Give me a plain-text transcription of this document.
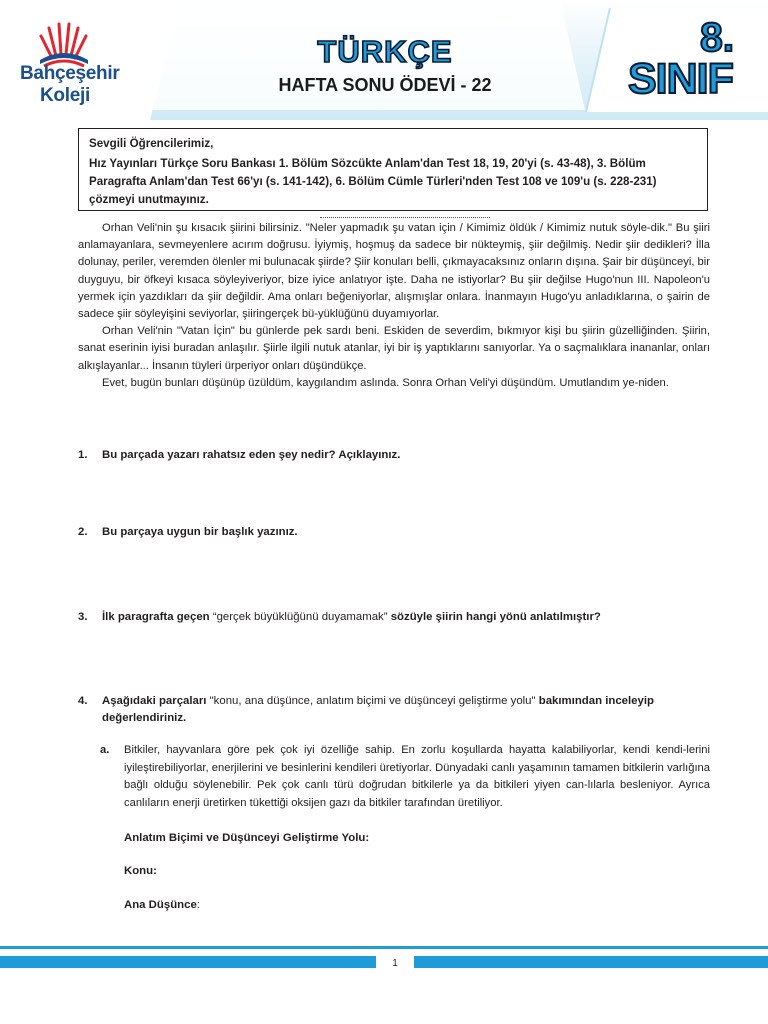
Bahçeşehir
Koleji
TÜRKÇE
HAFTA SONU ÖDEVİ - 22
8.
SINIF
Sevgili Öğrencilerimiz,
Hız Yayınları Türkçe Soru Bankası 1. Bölüm Sözcükte Anlam'dan Test 18, 19, 20'yi (s. 43-48), 3. Bölüm Paragrafta Anlam'dan Test 66'yı (s. 141-142), 6. Bölüm Cümle Türleri'nden Test 108 ve 109'u (s. 228-231) çözmeyi unutmayınız.

Orhan Veli'nin şu kısacık şiirini bilirsiniz. "Neler yapmadık şu vatan için / Kimimiz öldük / Kimimiz nutuk söyle-dik." Bu şiiri anlamayanlara, sevmeyenlere acırım doğrusu. İyiymiş, hoşmuş da sadece bir nükteymiş, şiir değilmiş. Nedir şiir dedikleri? İlla dolunay, periler, veremden ölenler mi bulunacak şiirde? Şiir konuları belli, çıkmayacaksınız onların dışına. Şair bir düşünceyi, bir duyguyu, bir öfkeyi kısaca söyleyiveriyor, bize iyice anlatıyor işte. Daha ne istiyorlar? Bu şiir değilse Hugo'nun III. Napoleon'u yermek için yazdıkları da şiir değildir. Ama onları beğeniyorlar, alışmışlar onlara. İnanmayın Hugo'yu anladıklarına, o şairin de sadece şiir söyleyişini seviyorlar, şiiringerçek bü-yüklüğünü duyamıyorlar.

Orhan Veli'nin "Vatan İçin" bu günlerde pek sardı beni. Eskiden de severdim, bıkmıyor kişi bu şiirin güzelliğinden. Şiirin, sanat eserinin iyisi buradan anlaşılır. Şiirle ilgili nutuk atanlar, iyi bir iş yaptıklarını sanıyorlar. Ya o saçmalıklara inananlar, onları alkışlayanlar... İnsanın tüyleri ürperiyor onları düşündükçe.

Evet, bugün bunları düşünüp üzüldüm, kaygılandım aslında. Sonra Orhan Veli'yi düşündüm. Umutlandım ye-niden.

1. Bu parçada yazarı rahatsız eden şey nedir? Açıklayınız.
2. Bu parçaya uygun bir başlık yazınız.
3. İlk paragrafta geçen “gerçek büyüklüğünü duyamamak” sözüyle şiirin hangi yönü anlatılmıştır?
4. Aşağıdaki parçaları "konu, ana düşünce, anlatım biçimi ve düşünceyi geliştirme yolu" bakımından inceleyip değerlendiriniz.
a. Bitkiler, hayvanlara göre pek çok iyi özelliğe sahip. En zorlu koşullarda hayatta kalabiliyorlar, kendi kendi-lerini iyileştirebiliyorlar, enerjilerini ve besinlerini kendileri üretiyorlar. Dünyadaki canlı yaşamının tamamen bitkilerin varlığına bağlı olduğu söylenebilir. Pek çok canlı türü doğrudan bitkilerle ya da bitkileri yiyen can-lılarla besleniyor. Ayrıca canlıların enerji üretirken tükettiği oksijen gazı da bitkiler tarafından üretiliyor.
Anlatım Biçimi ve Düşünceyi Geliştirme Yolu:
Konu:
Ana Düşünce:
1
